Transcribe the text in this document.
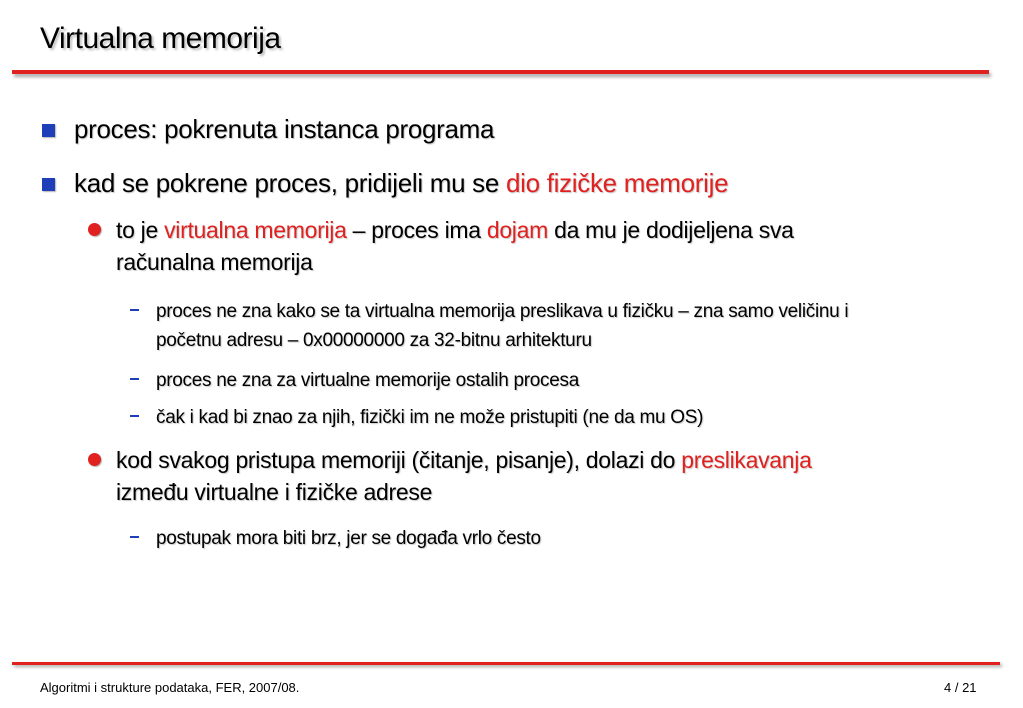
Virtualna memorija
proces: pokrenuta instanca programa
kad se pokrene proces, pridijeli mu se dio fizičke memorije
to je virtualna memorija – proces ima dojam da mu je dodijeljena sva
računalna memorija
proces ne zna kako se ta virtualna memorija preslikava u fizičku – zna samo veličinu i
početnu adresu – 0x00000000 za 32-bitnu arhitekturu
proces ne zna za virtualne memorije ostalih procesa
čak i kad bi znao za njih, fizički im ne može pristupiti (ne da mu OS)
kod svakog pristupa memoriji (čitanje, pisanje), dolazi do preslikavanja
između virtualne i fizičke adrese
postupak mora biti brz, jer se događa vrlo često
Algoritmi i strukture podataka, FER, 2007/08.	4 / 21
